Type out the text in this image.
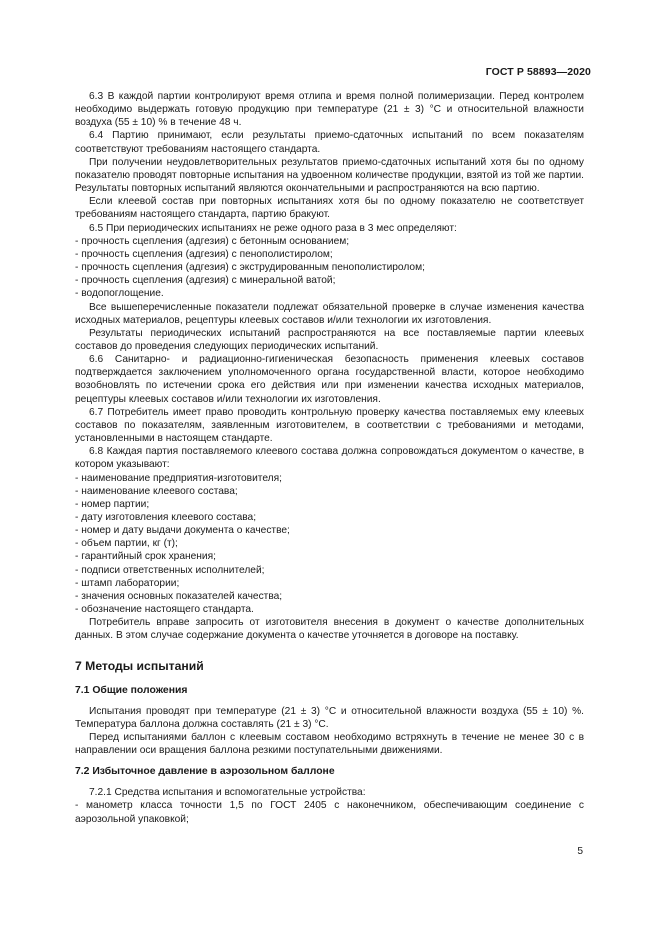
ГОСТ Р 58893—2020

6.3 В каждой партии контролируют время отлипа и время полной полимеризации. Перед контролем необходимо выдержать готовую продукцию при температуре (21 ± 3) °С и относительной влажности воздуха (55 ± 10) % в течение 48 ч.

6.4 Партию принимают, если результаты приемо-сдаточных испытаний по всем показателям соответствуют требованиям настоящего стандарта.

При получении неудовлетворительных результатов приемо-сдаточных испытаний хотя бы по одному показателю проводят повторные испытания на удвоенном количестве продукции, взятой из той же партии. Результаты повторных испытаний являются окончательными и распространяются на всю партию.

Если клеевой состав при повторных испытаниях хотя бы по одному показателю не соответствует требованиям настоящего стандарта, партию бракуют.

6.5 При периодических испытаниях не реже одного раза в 3 мес определяют:

- прочность сцепления (адгезия) с бетонным основанием;

- прочность сцепления (адгезия) с пенополистиролом;

- прочность сцепления (адгезия) с экструдированным пенополистиролом;

- прочность сцепления (адгезия) с минеральной ватой;

- водопоглощение.

Все вышеперечисленные показатели подлежат обязательной проверке в случае изменения качества исходных материалов, рецептуры клеевых составов и/или технологии их изготовления.

Результаты периодических испытаний распространяются на все поставляемые партии клеевых составов до проведения следующих периодических испытаний.

6.6 Санитарно- и радиационно-гигиеническая безопасность применения клеевых составов подтверждается заключением уполномоченного органа государственной власти, которое необходимо возобновлять по истечении срока его действия или при изменении качества исходных материалов, рецептуры клеевых составов и/или технологии их изготовления.

6.7 Потребитель имеет право проводить контрольную проверку качества поставляемых ему клеевых составов по показателям, заявленным изготовителем, в соответствии с требованиями и методами, установленными в настоящем стандарте.

6.8 Каждая партия поставляемого клеевого состава должна сопровождаться документом о качестве, в котором указывают:

- наименование предприятия-изготовителя;

- наименование клеевого состава;

- номер партии;

- дату изготовления клеевого состава;

- номер и дату выдачи документа о качестве;

- объем партии, кг (т);

- гарантийный срок хранения;

- подписи ответственных исполнителей;

- штамп лаборатории;

- значения основных показателей качества;

- обозначение настоящего стандарта.

Потребитель вправе запросить от изготовителя внесения в документ о качестве дополнительных данных. В этом случае содержание документа о качестве уточняется в договоре на поставку.

7 Методы испытаний
7.1 Общие положения

Испытания проводят при температуре (21 ± 3) °С и относительной влажности воздуха (55 ± 10) %. Температура баллона должна составлять (21 ± 3) °С.

Перед испытаниями баллон с клеевым составом необходимо встряхнуть в течение не менее 30 с в направлении оси вращения баллона резкими поступательными движениями.

7.2 Избыточное давление в аэрозольном баллоне

7.2.1 Средства испытания и вспомогательные устройства:

- манометр класса точности 1,5 по ГОСТ 2405 с наконечником, обеспечивающим соединение с аэрозольной упаковкой;

5
